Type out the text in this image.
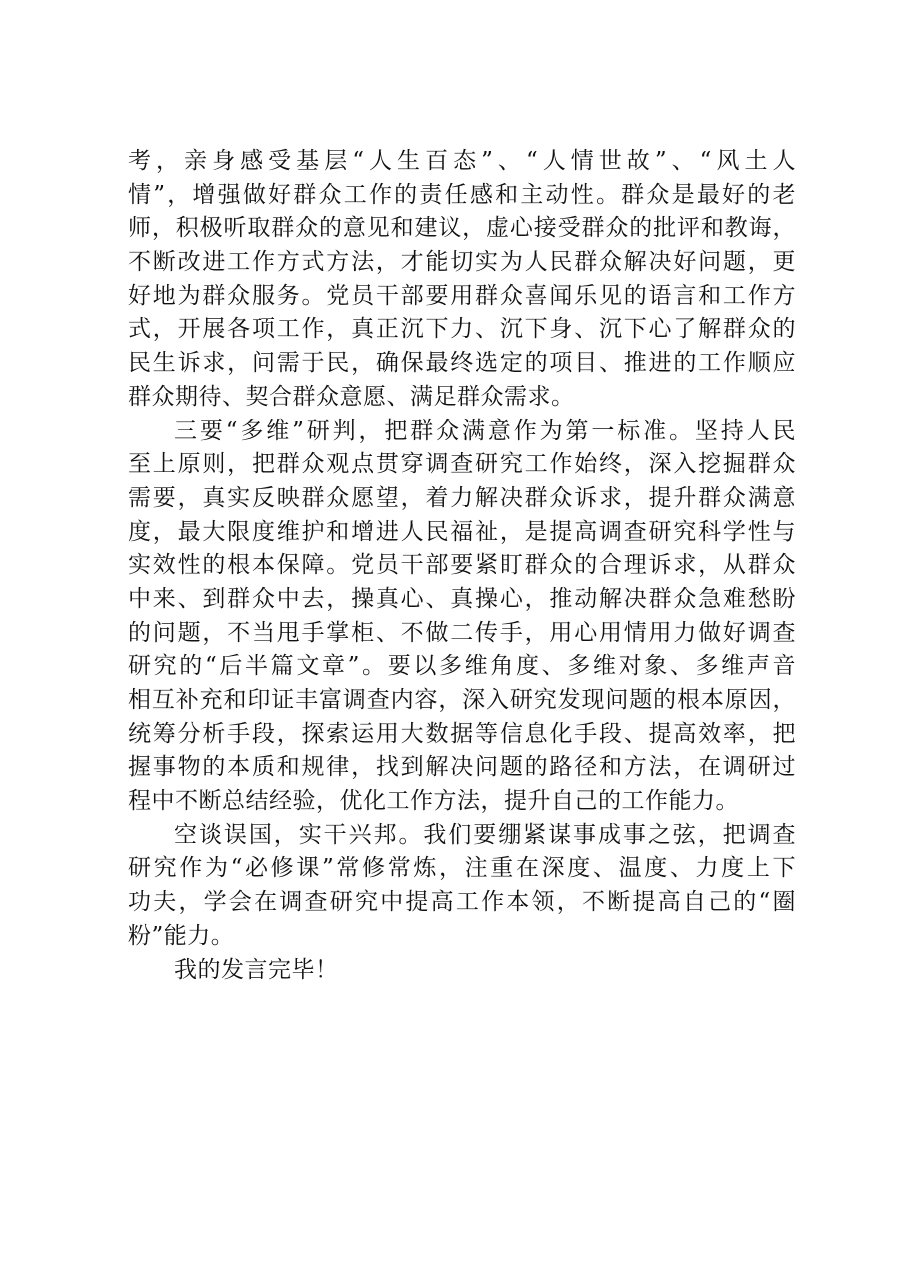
考，亲身感受基层“人生百态”、“人情世故”、“风土人
情”，增强做好群众工作的责任感和主动性。群众是最好的老
师，积极听取群众的意见和建议，虚心接受群众的批评和教诲，
不断改进工作方式方法，才能切实为人民群众解决好问题，更
好地为群众服务。党员干部要用群众喜闻乐见的语言和工作方
式，开展各项工作，真正沉下力、沉下身、沉下心了解群众的
民生诉求，问需于民，确保最终选定的项目、推进的工作顺应
群众期待、契合群众意愿、满足群众需求。
三要“多维”研判，把群众满意作为第一标准。坚持人民
至上原则，把群众观点贯穿调查研究工作始终，深入挖掘群众
需要，真实反映群众愿望，着力解决群众诉求，提升群众满意
度，最大限度维护和增进人民福祉，是提高调查研究科学性与
实效性的根本保障。党员干部要紧盯群众的合理诉求，从群众
中来、到群众中去，操真心、真操心，推动解决群众急难愁盼
的问题，不当甩手掌柜、不做二传手，用心用情用力做好调查
研究的“后半篇文章”。要以多维角度、多维对象、多维声音
相互补充和印证丰富调查内容，深入研究发现问题的根本原因，
统筹分析手段，探索运用大数据等信息化手段、提高效率，把
握事物的本质和规律，找到解决问题的路径和方法，在调研过
程中不断总结经验，优化工作方法，提升自己的工作能力。
空谈误国，实干兴邦。我们要绷紧谋事成事之弦，把调查
研究作为“必修课”常修常炼，注重在深度、温度、力度上下
功夫，学会在调查研究中提高工作本领，不断提高自己的“圈
粉”能力。
我的发言完毕！
